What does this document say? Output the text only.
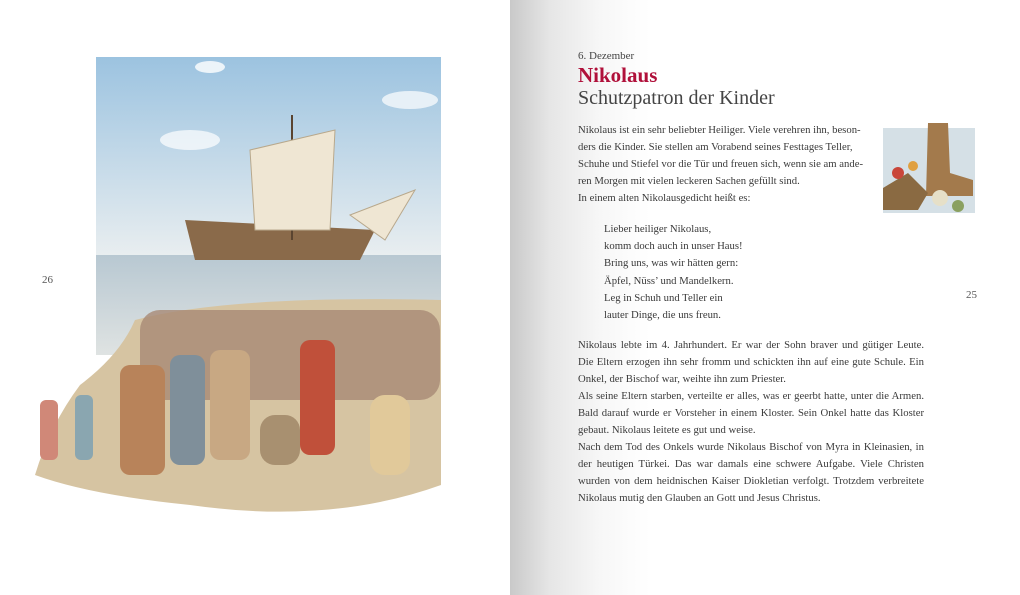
26
25
6. Dezember
Nikolaus
Schutzpatron der Kinder
Nikolaus ist ein sehr beliebter Heiliger. Viele verehren ihn, beson-
ders die Kinder. Sie stellen am Vorabend seines Festtages Teller,
Schuhe und Stiefel vor die Tür und freuen sich, wenn sie am ande-
ren Morgen mit vielen leckeren Sachen gefüllt sind.
In einem alten Nikolausgedicht heißt es:
Lieber heiliger Nikolaus,
komm doch auch in unser Haus!
Bring uns, was wir hätten gern:
Äpfel, Nüss’ und Mandelkern.
Leg in Schuh und Teller ein
lauter Dinge, die uns freun.
Nikolaus lebte im 4. Jahrhundert. Er war der Sohn braver und gütiger Leute.
Die Eltern erzogen ihn sehr fromm und schickten ihn auf eine gute Schule. Ein
Onkel, der Bischof war, weihte ihn zum Priester.
Als seine Eltern starben, verteilte er alles, was er geerbt hatte, unter die Armen.
Bald darauf wurde er Vorsteher in einem Kloster. Sein Onkel hatte das Kloster
gebaut. Nikolaus leitete es gut und weise.
Nach dem Tod des Onkels wurde Nikolaus Bischof von Myra in Kleinasien, in
der heutigen Türkei. Das war damals eine schwere Aufgabe. Viele Christen
wurden von dem heidnischen Kaiser Diokletian verfolgt. Trotzdem verbreitete
Nikolaus mutig den Glauben an Gott und Jesus Christus.
